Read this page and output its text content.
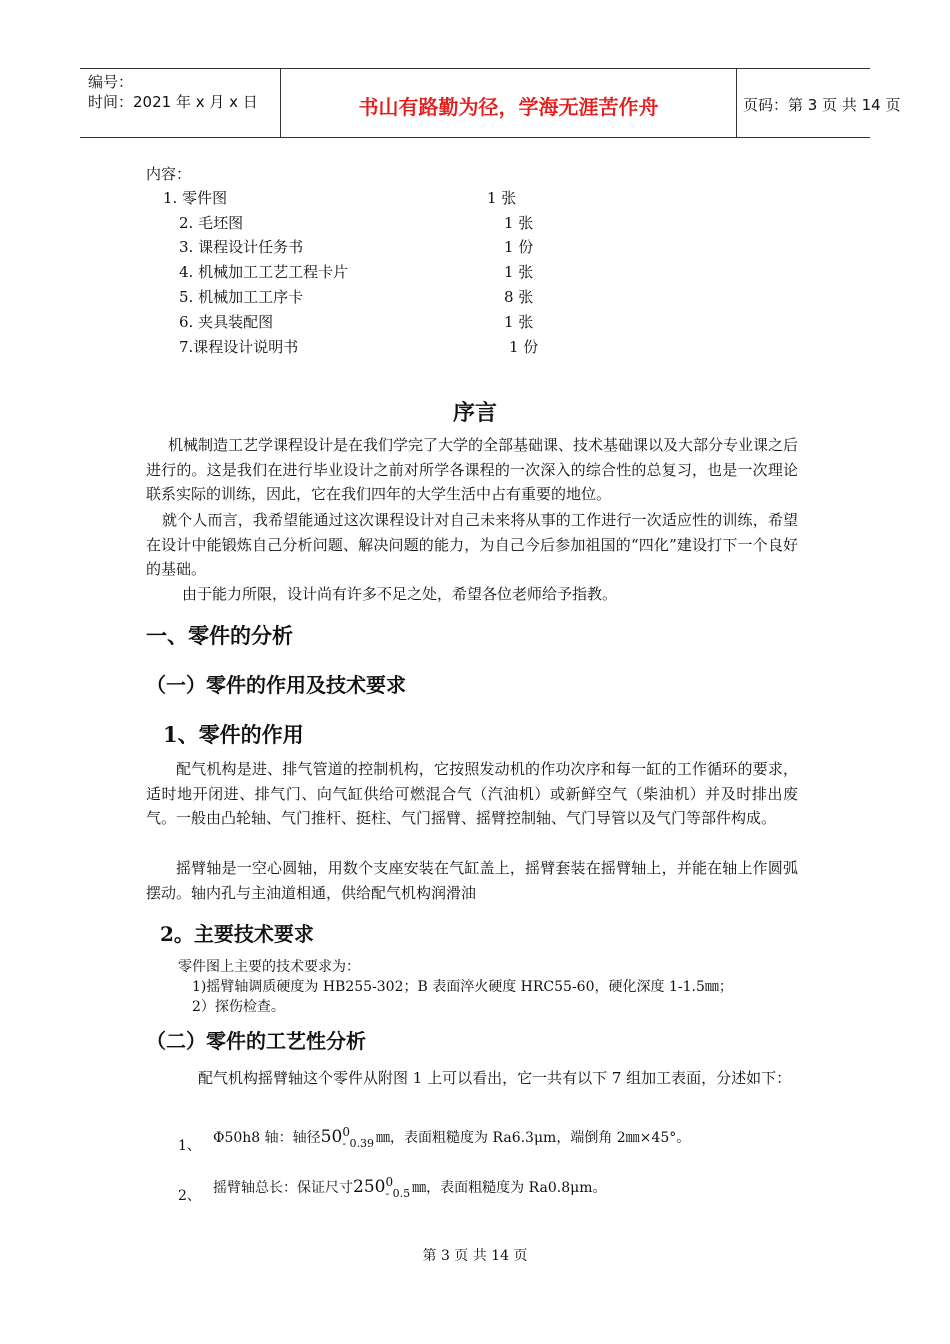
编号：
时间：2021 年 x 月 x 日	书山有路勤为径，学海无涯苦作舟	页码：第 3 页 共 14 页
内容：
1. 零件图	1 张
2. 毛坯图	1 张
3. 课程设计任务书	1 份
4. 机械加工工艺工程卡片	1 张
5. 机械加工工序卡	8 张
6. 夹具装配图	1 张
7.课程设计说明书	1 份
序言
机械制造工艺学课程设计是在我们学完了大学的全部基础课、技术基础课以及大部分专业课之后进行的。这是我们在进行毕业设计之前对所学各课程的一次深入的综合性的总复习，也是一次理论联系实际的训练，因此，它在我们四年的大学生活中占有重要的地位。
就个人而言，我希望能通过这次课程设计对自己未来将从事的工作进行一次适应性的训练，希望在设计中能锻炼自己分析问题、解决问题的能力，为自己今后参加祖国的“四化”建设打下一个良好的基础。
由于能力所限，设计尚有许多不足之处，希望各位老师给予指教。
一、零件的分析
（一）零件的作用及技术要求
1、零件的作用
配气机构是进、排气管道的控制机构，它按照发动机的作功次序和每一缸的工作循环的要求，适时地开闭进、排气门、向气缸供给可燃混合气（汽油机）或新鲜空气（柴油机）并及时排出废气。一般由凸轮轴、气门推杆、挺柱、气门摇臂、摇臂控制轴、气门导管以及气门等部件构成。
摇臂轴是一空心圆轴，用数个支座安装在气缸盖上，摇臂套装在摇臂轴上，并能在轴上作圆弧摆动。轴内孔与主油道相通，供给配气机构润滑油
2。主要技术要求
零件图上主要的技术要求为：
1)摇臂轴调质硬度为 HB255-302；B 表面淬火硬度 HRC55-60，硬化深度 1-1.5㎜；
2）探伤检查。
（二）零件的工艺性分析
配气机构摇臂轴这个零件从附图 1 上可以看出，它一共有以下 7 组加工表面，分述如下：
1、 Φ50h8 轴：轴径50 0
- 0.39 ㎜，表面粗糙度为 Ra6.3μm，端倒角 2㎜×45°。
2、 摇臂轴总长：保证尺寸250 0
- 0.5 ㎜，表面粗糙度为 Ra0.8μm。
第 3 页 共 14 页
